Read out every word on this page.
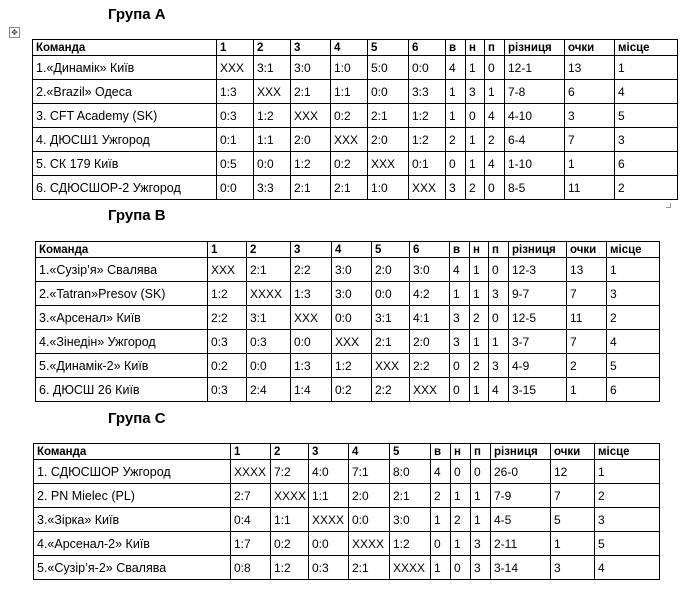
✥
Група А
Команда	1	2	3	4	5	6	в	н	п	різниця	очки	місце
1.«Динамік» Київ	XXX	3:1	3:0	1:0	5:0	0:0	4	1	0	12-1	13	1
2.«Brazil» Одеса	1:3	XXX	2:1	1:1	0:0	3:3	1	3	1	7-8	6	4
3. CFT Academy (SK)	0:3	1:2	XXX	0:2	2:1	1:2	1	0	4	4-10	3	5
4. ДЮСШ1 Ужгород	0:1	1:1	2:0	XXX	2:0	1:2	2	1	2	6-4	7	3
5. СК 179 Київ	0:5	0:0	1:2	0:2	XXX	0:1	0	1	4	1-10	1	6
6. СДЮСШОР-2 Ужгород	0:0	3:3	2:1	2:1	1:0	XXX	3	2	0	8-5	11	2
Група В
Команда	1	2	3	4	5	6	в	н	п	різниця	очки	місце
1.«Сузір’я» Свалява	XXX	2:1	2:2	3:0	2:0	3:0	4	1	0	12-3	13	1
2.«Tatran»Presov (SK)	1:2	XXXX	1:3	3:0	0:0	4:2	1	1	3	9-7	7	3
3.«Арсенал» Київ	2:2	3:1	XXX	0:0	3:1	4:1	3	2	0	12-5	11	2
4.«Зінедін» Ужгород	0:3	0:3	0:0	XXX	2:1	2:0	3	1	1	3-7	7	4
5.«Динамік-2» Київ	0:2	0:0	1:3	1:2	XXX	2:2	0	2	3	4-9	2	5
6. ДЮСШ 26 Київ	0:3	2:4	1:4	0:2	2:2	XXX	0	1	4	3-15	1	6
Група С
Команда	1	2	3	4	5	в	н	п	різниця	очки	місце
1. СДЮСШОР Ужгород	XXXX	7:2	4:0	7:1	8:0	4	0	0	26-0	12	1
2. PN Mielec (PL)	2:7	XXXX	1:1	2:0	2:1	2	1	1	7-9	7	2
3.«Зірка» Київ	0:4	1:1	XXXX	0:0	3:0	1	2	1	4-5	5	3
4.«Арсенал-2» Київ	1:7	0:2	0:0	XXXX	1:2	0	1	3	2-11	1	5
5.«Сузір’я-2» Свалява	0:8	1:2	0:3	2:1	XXXX	1	0	3	3-14	3	4
